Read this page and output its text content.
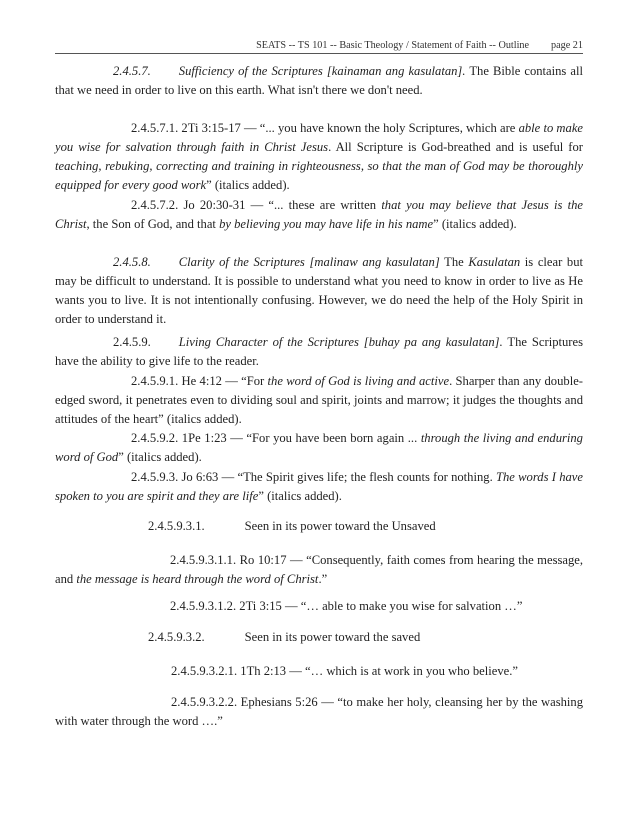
SEATS -- TS 101 -- Basic Theology / Statement of Faith -- Outline page 21
2.4.5.7. Sufficiency of the Scriptures [kainaman ang kasulatan]. The Bible contains all that we need in order to live on this earth. What isn't there we don't need.
2.4.5.7.1. 2Ti 3:15-17 — “... you have known the holy Scriptures, which are able to make you wise for salvation through faith in Christ Jesus. All Scripture is God-breathed and is useful for teaching, rebuking, correcting and training in righteousness, so that the man of God may be thoroughly equipped for every good work” (italics added).
2.4.5.7.2. Jo 20:30-31 — “... these are written that you may believe that Jesus is the Christ, the Son of God, and that by believing you may have life in his name” (italics added).
2.4.5.8. Clarity of the Scriptures [malinaw ang kasulatan] The Kasulatan is clear but may be difficult to understand. It is possible to understand what you need to know in order to live as He wants you to live. It is not intentionally confusing. However, we do need the help of the Holy Spirit in order to understand it.
2.4.5.9. Living Character of the Scriptures [buhay pa ang kasulatan]. The Scriptures have the ability to give life to the reader.
2.4.5.9.1. He 4:12 — “For the word of God is living and active. Sharper than any double-edged sword, it penetrates even to dividing soul and spirit, joints and marrow; it judges the thoughts and attitudes of the heart” (italics added).
2.4.5.9.2. 1Pe 1:23 — “For you have been born again ... through the living and enduring word of God” (italics added).
2.4.5.9.3. Jo 6:63 — “The Spirit gives life; the flesh counts for nothing. The words I have spoken to you are spirit and they are life” (italics added).
2.4.5.9.3.1.	Seen in its power toward the Unsaved
2.4.5.9.3.1.1. Ro 10:17 — “Consequently, faith comes from hearing the message, and the message is heard through the word of Christ.”
2.4.5.9.3.1.2. 2Ti 3:15 — “… able to make you wise for salvation …”
2.4.5.9.3.2.	Seen in its power toward the saved
2.4.5.9.3.2.1. 1Th 2:13 — “… which is at work in you who believe.”
2.4.5.9.3.2.2. Ephesians 5:26 — “to make her holy, cleansing her by the washing with water through the word ….”
